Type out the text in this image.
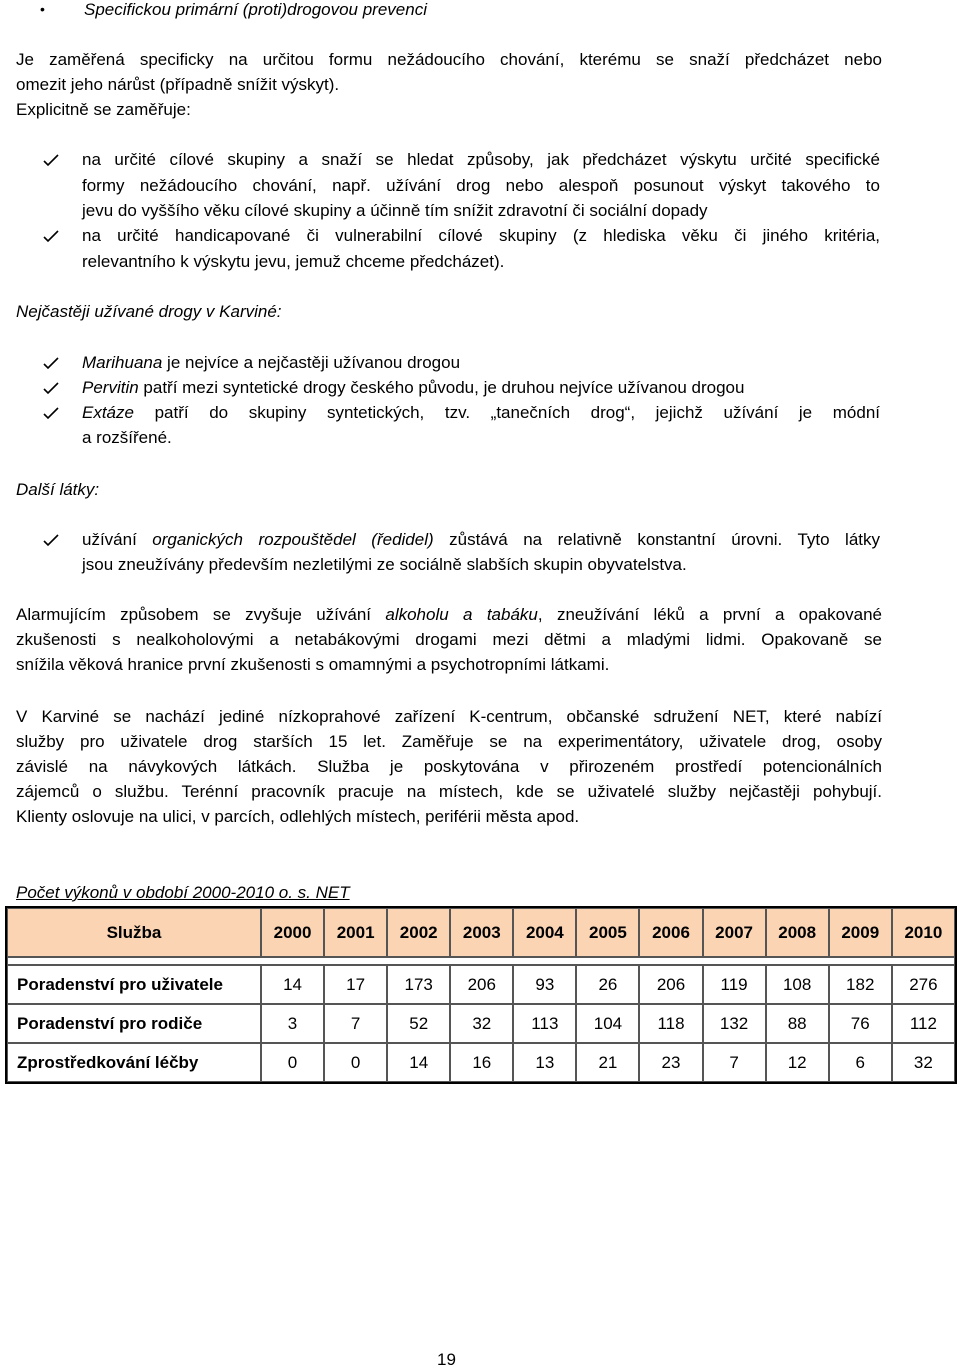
• Specifickou primární (proti)drogovou prevenci
Je zaměřená specificky na určitou formu nežádoucího chování, kterému se snaží předcházet nebo
omezit jeho nárůst (případně snížit výskyt).
Explicitně se zaměřuje:
na určité cílové skupiny a snaží se hledat způsoby, jak předcházet výskytu určité specifické
formy nežádoucího chování, např. užívání drog nebo alespoň posunout výskyt takového to
jevu do vyššího věku cílové skupiny a účinně tím snížit zdravotní či sociální dopady
na určité handicapované či vulnerabilní cílové skupiny (z hlediska věku či jiného kritéria,
relevantního k výskytu jevu, jemuž chceme předcházet).
Nejčastěji užívané drogy v Karviné:
Marihuana je nejvíce a nejčastěji užívanou drogou
Pervitin patří mezi syntetické drogy českého původu, je druhou nejvíce užívanou drogou
Extáze patří do skupiny syntetických, tzv. „tanečních drog“, jejichž užívání je módní
a rozšířené.
Další látky:
užívání organických rozpouštědel (ředidel) zůstává na relativně konstantní úrovni. Tyto látky
jsou zneužívány především nezletilými ze sociálně slabších skupin obyvatelstva.
Alarmujícím způsobem se zvyšuje užívání alkoholu a tabáku, zneužívání léků a první a opakované
zkušenosti s nealkoholovými a netabákovými drogami mezi dětmi a mladými lidmi. Opakovaně se
snížila věková hranice první zkušenosti s omamnými a psychotropními látkami.
V Karviné se nachází jediné nízkoprahové zařízení K-centrum, občanské sdružení NET, které nabízí
služby pro uživatele drog starších 15 let. Zaměřuje se na experimentátory, uživatele drog, osoby
závislé na návykových látkách. Služba je poskytována v přirozeném prostředí potencionálních
zájemců o službu. Terénní pracovník pracuje na místech, kde se uživatelé služby nejčastěji pohybují.
Klienty oslovuje na ulici, v parcích, odlehlých místech, periférii města apod.
Počet výkonů v období 2000-2010 o. s. NET
Služba	2000	2001	2002	2003	2004	2005	2006	2007	2008	2009	2010

Poradenství pro uživatele	14	17	173	206	93	26	206	119	108	182	276
Poradenství pro rodiče	3	7	52	32	113	104	118	132	88	76	112
Zprostředkování léčby	0	0	14	16	13	21	23	7	12	6	32
19
